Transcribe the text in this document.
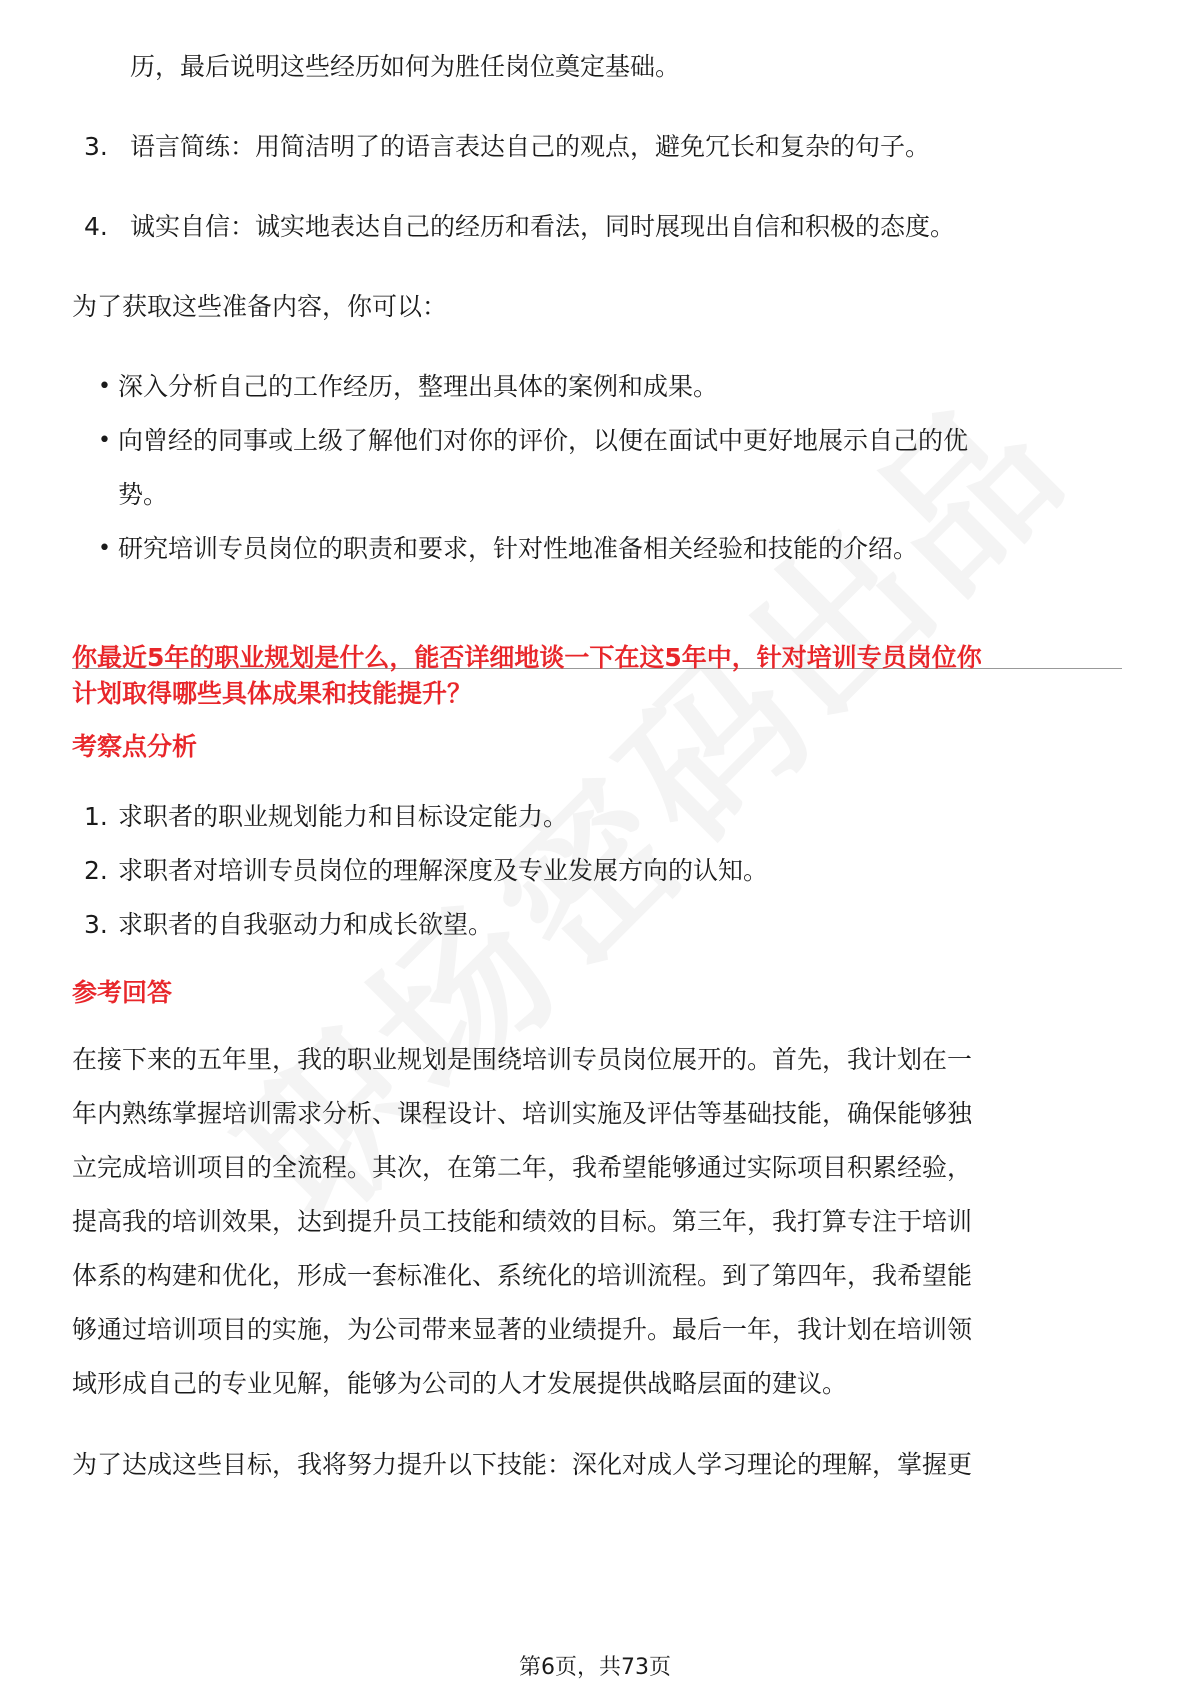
历，最后说明这些经历如何为胜任岗位奠定基础。
3. 语言简练：用简洁明了的语言表达自己的观点，避免冗长和复杂的句子。
4. 诚实自信：诚实地表达自己的经历和看法，同时展现出自信和积极的态度。
为了获取这些准备内容，你可以：
• 深入分析自己的工作经历，整理出具体的案例和成果。
• 向曾经的同事或上级了解他们对你的评价，以便在面试中更好地展示自己的优
势。
• 研究培训专员岗位的职责和要求，针对性地准备相关经验和技能的介绍。
你最近5年的职业规划是什么，能否详细地谈一下在这5年中，针对培训专员岗位你
计划取得哪些具体成果和技能提升？
考察点分析
1. 求职者的职业规划能力和目标设定能力。
2. 求职者对培训专员岗位的理解深度及专业发展方向的认知。
3. 求职者的自我驱动力和成长欲望。
参考回答
在接下来的五年里，我的职业规划是围绕培训专员岗位展开的。首先，我计划在一
年内熟练掌握培训需求分析、课程设计、培训实施及评估等基础技能，确保能够独
立完成培训项目的全流程。其次，在第二年，我希望能够通过实际项目积累经验，
提高我的培训效果，达到提升员工技能和绩效的目标。第三年，我打算专注于培训
体系的构建和优化，形成一套标准化、系统化的培训流程。到了第四年，我希望能
够通过培训项目的实施，为公司带来显著的业绩提升。最后一年，我计划在培训领
域形成自己的专业见解，能够为公司的人才发展提供战略层面的建议。
为了达成这些目标，我将努力提升以下技能：深化对成人学习理论的理解，掌握更
第6页，共73页
